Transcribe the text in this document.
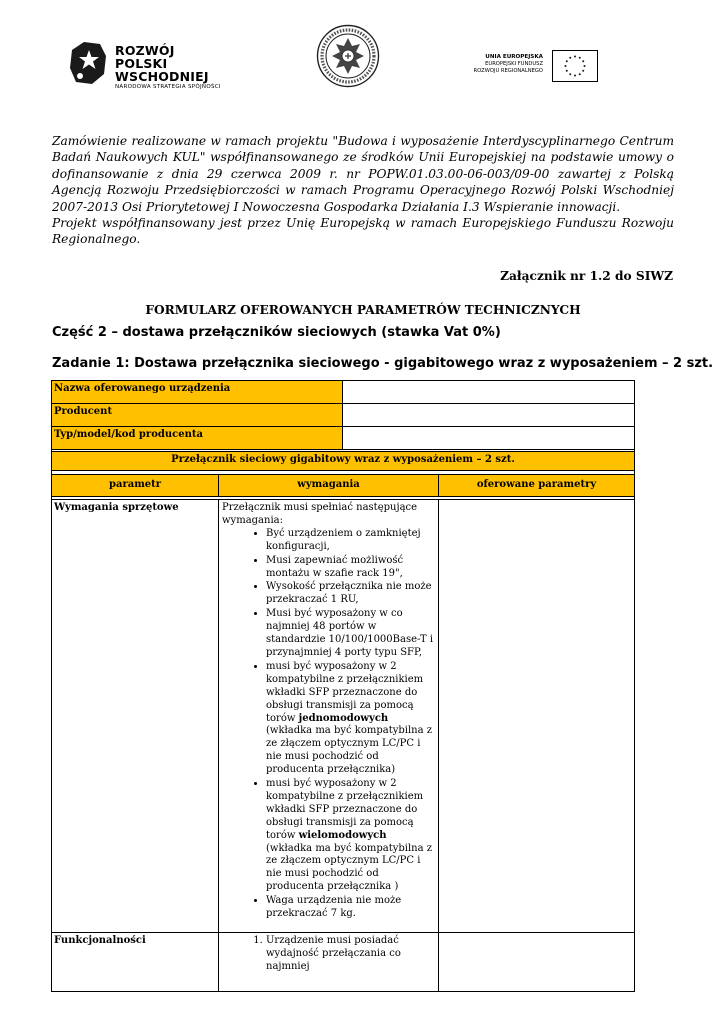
ROZWÓJ
POLSKI WSCHODNIEJ
NARODOWA STRATEGIA SPÓJNOŚCI
UNIA EUROPEJSKA
EUROPEJSKI FUNDUSZ
ROZWOJU REGIONALNEGO

Zamówienie realizowane w ramach projektu "Budowa i wyposażenie Interdyscyplinarnego Centrum Badań Naukowych KUL" współfinansowanego ze środków Unii Europejskiej na podstawie umowy o dofinansowanie z dnia 29 czerwca 2009 r. nr POPW.01.03.00-06-003/09-00 zawartej z Polską Agencją Rozwoju Przedsiębiorczości w ramach Programu Operacyjnego Rozwój Polski Wschodniej 2007-2013 Osi Priorytetowej I Nowoczesna Gospodarka Działania I.3 Wspieranie innowacji.

Projekt współfinansowany jest przez Unię Europejską w ramach Europejskiego Funduszu Rozwoju Regionalnego.

Załącznik nr 1.2 do SIWZ
FORMULARZ OFEROWANYCH PARAMETRÓW TECHNICZNYCH
Część 2 – dostawa przełączników sieciowych (stawka Vat 0%)
Zadanie 1: Dostawa przełącznika sieciowego - gigabitowego wraz z wyposażeniem – 2 szt.
Nazwa oferowanego urządzenia
Producent
Typ/model/kod producenta
Przełącznik sieciowy gigabitowy wraz z wyposażeniem – 2 szt.
parametr	wymagania	oferowane parametry
Wymagania sprzętowe	Przełącznik musi spełniać następujące wymagania:
• Być urządzeniem o zamkniętej konfiguracji,
• Musi zapewniać możliwość montażu w szafie rack 19",
• Wysokość przełącznika nie może przekraczać 1 RU,
• Musi być wyposażony w co najmniej 48 portów w standardzie 10/100/1000Base-T i przynajmniej 4 porty typu SFP,
• musi być wyposażony w 2 kompatybilne z przełącznikiem wkładki SFP przeznaczone do obsługi transmisji za pomocą torów jednomodowych (wkładka ma być kompatybilna z ze złączem optycznym LC/PC i nie musi pochodzić od producenta przełącznika)
• musi być wyposażony w 2 kompatybilne z przełącznikiem wkładki SFP przeznaczone do obsługi transmisji za pomocą torów wielomodowych (wkładka ma być kompatybilna z ze złączem optycznym LC/PC i nie musi pochodzić od producenta przełącznika )
• Waga urządzenia nie może przekraczać 7 kg.
Funkcjonalności
1.	Urządzenie musi posiadać wydajność przełączania co najmniej
